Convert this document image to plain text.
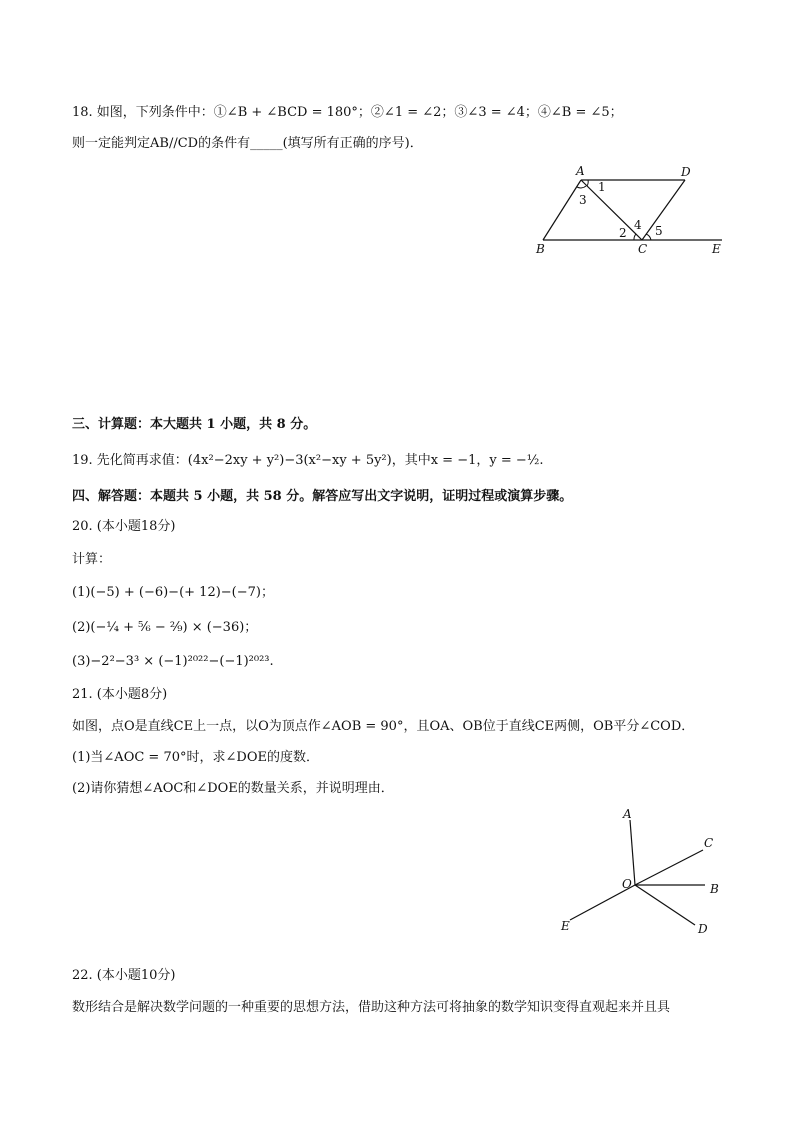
18. 如图，下列条件中：①∠B + ∠BCD = 180°；②∠1 = ∠2；③∠3 = ∠4；④∠B = ∠5；
则一定能判定AB//CD的条件有_____(填写所有正确的序号)．
A	D
B	C	E
1
2
3
4 5
三、计算题：本大题共 1 小题，共 8 分。
19. 先化简再求值：(4x²−2xy + y²)−3(x²−xy + 5y²)，其中x = −1，y = −½.
四、解答题：本题共 5 小题，共 58 分。解答应写出文字说明，证明过程或演算步骤。
20. (本小题18分)
计算：
(1)(−5) + (−6)−(+ 12)−(−7)；
(2)(−¼ + ⅚ − ²⁄₉) × (−36)；
(3)−2²−3³ × (−1)²⁰²²−(−1)²⁰²³.
21. (本小题8分)
如图，点O是直线CE上一点，以O为顶点作∠AOB = 90°，且OA、OB位于直线CE两侧，OB平分∠COD．
(1)当∠AOC = 70°时，求∠DOE的度数．
(2)请你猜想∠AOC和∠DOE的数量关系，并说明理由．
A
C
O	B
E	D
22. (本小题10分)
数形结合是解决数学问题的一种重要的思想方法，借助这种方法可将抽象的数学知识变得直观起来并且具
